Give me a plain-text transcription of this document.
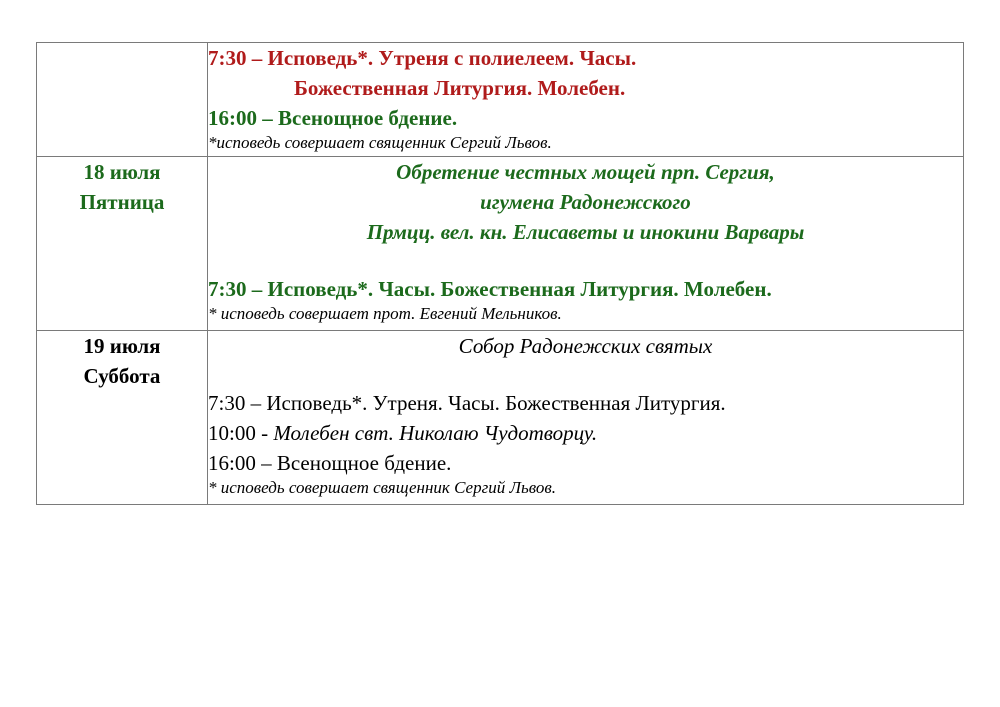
	7:30 – Исповедь*. Утреня с полиелеем. Часы.
Божественная Литургия. Молебен.
16:00 – Всенощное бдение.
*исповедь совершает священник Сергий Львов.

18 июля
Пятница	Обретение честных мощей прп. Сергия,
игумена Радонежского
Прмцц. вел. кн. Елисаветы и инокини Варвары
7:30 – Исповедь*. Часы. Божественная Литургия. Молебен.
* исповедь совершает прот. Евгений Мельников.

19 июля
Суббота	Собор Радонежских святых
7:30 – Исповедь*. Утреня. Часы. Божественная Литургия.
10:00 - Молебен свт. Николаю Чудотворцу.
16:00 – Всенощное бдение.
* исповедь совершает священник Сергий Львов.
